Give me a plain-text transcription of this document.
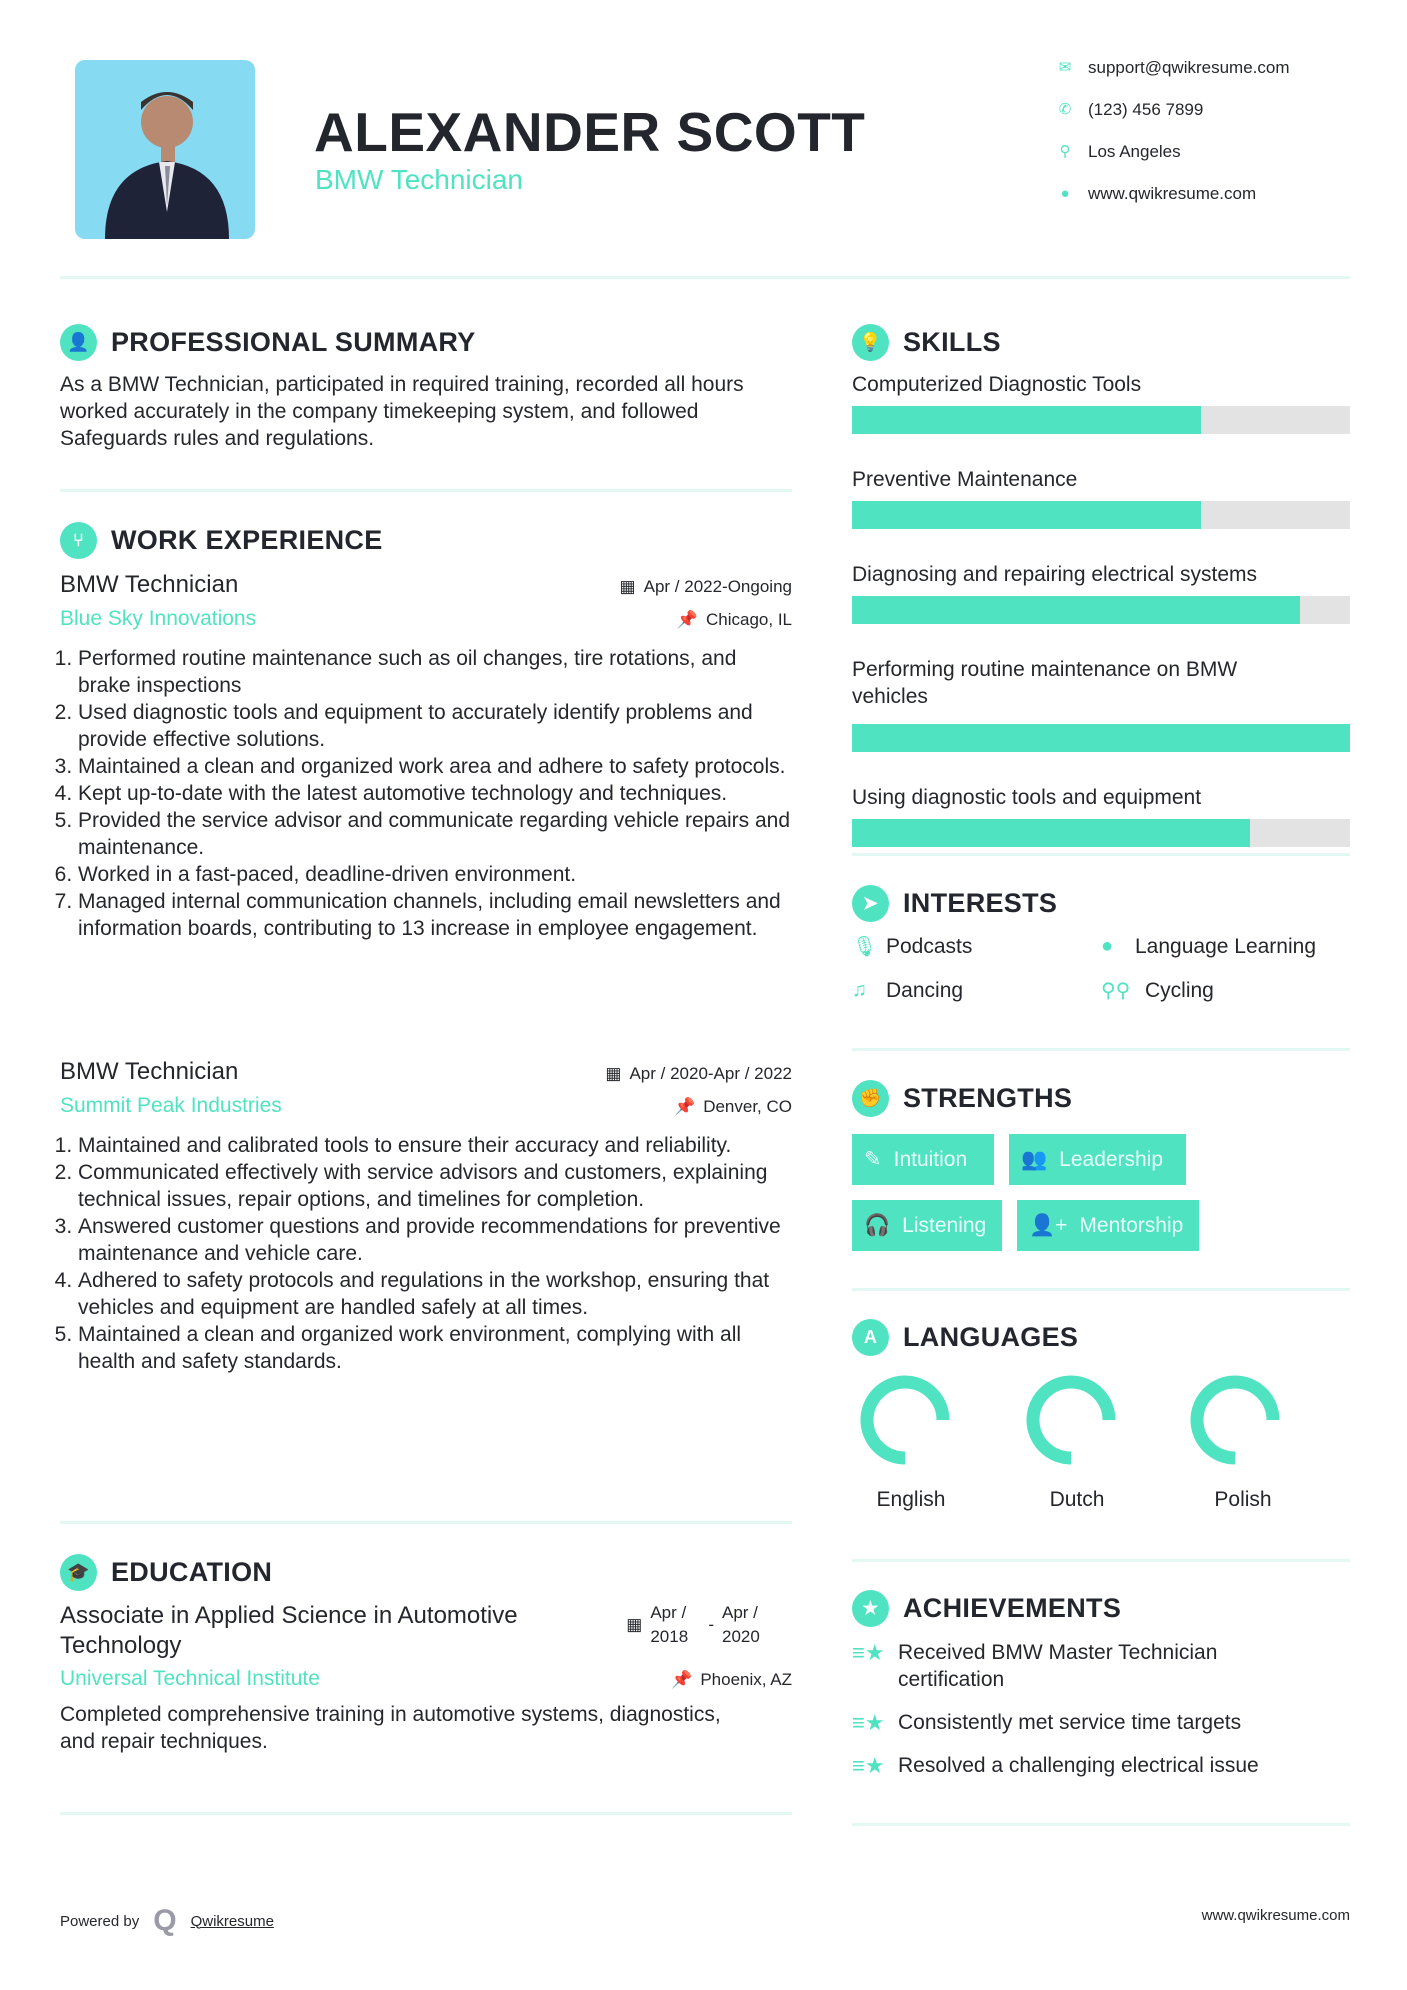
ALEXANDER SCOTT
BMW Technician
✉ support@qwikresume.com
✆ (123) 456 7899
⚲ Los Angeles
● www.qwikresume.com
👤 PROFESSIONAL SUMMARY
As a BMW Technician, participated in required training, recorded all hours worked accurately in the company timekeeping system, and followed Safeguards rules and regulations.
⑂ WORK EXPERIENCE
BMW Technician	▦ Apr / 2022-Ongoing
Blue Sky Innovations	📌 Chicago, IL
1. Performed routine maintenance such as oil changes, tire rotations, and brake inspections
2. Used diagnostic tools and equipment to accurately identify problems and provide effective solutions.
3. Maintained a clean and organized work area and adhere to safety protocols.
4. Kept up-to-date with the latest automotive technology and techniques.
5. Provided the service advisor and communicate regarding vehicle repairs and maintenance.
6. Worked in a fast-paced, deadline-driven environment.
7. Managed internal communication channels, including email newsletters and information boards, contributing to 13 increase in employee engagement.
BMW Technician	▦ Apr / 2020-Apr / 2022
Summit Peak Industries	📌 Denver, CO
1. Maintained and calibrated tools to ensure their accuracy and reliability.
2. Communicated effectively with service advisors and customers, explaining technical issues, repair options, and timelines for completion.
3. Answered customer questions and provide recommendations for preventive maintenance and vehicle care.
4. Adhered to safety protocols and regulations in the workshop, ensuring that vehicles and equipment are handled safely at all times.
5. Maintained a clean and organized work environment, complying with all health and safety standards.
🎓 EDUCATION
Associate in Applied Science in Automotive Technology
▦
Apr / 2018
-
Apr / 2020
Universal Technical Institute	📌 Phoenix, AZ
Completed comprehensive training in automotive systems, diagnostics, and repair techniques.
💡 SKILLS
Computerized Diagnostic Tools
Preventive Maintenance
Diagnosing and repairing electrical systems
Performing routine maintenance on BMW vehicles
Using diagnostic tools and equipment
➤ INTERESTS
🎙 Podcasts	●	Language Learning
♫ Dancing	⚲⚲ Cycling
✊ STRENGTHS
✎ Intuition	👥 Leadership
🎧 Listening 👤+ Mentorship
A LANGUAGES
English	Dutch	Polish
★ ACHIEVEMENTS
≡★ Received BMW Master Technician certification
≡★ Consistently met service time targets
≡★ Resolved a challenging electrical issue
Powered by Q Qwikresume	www.qwikresume.com
